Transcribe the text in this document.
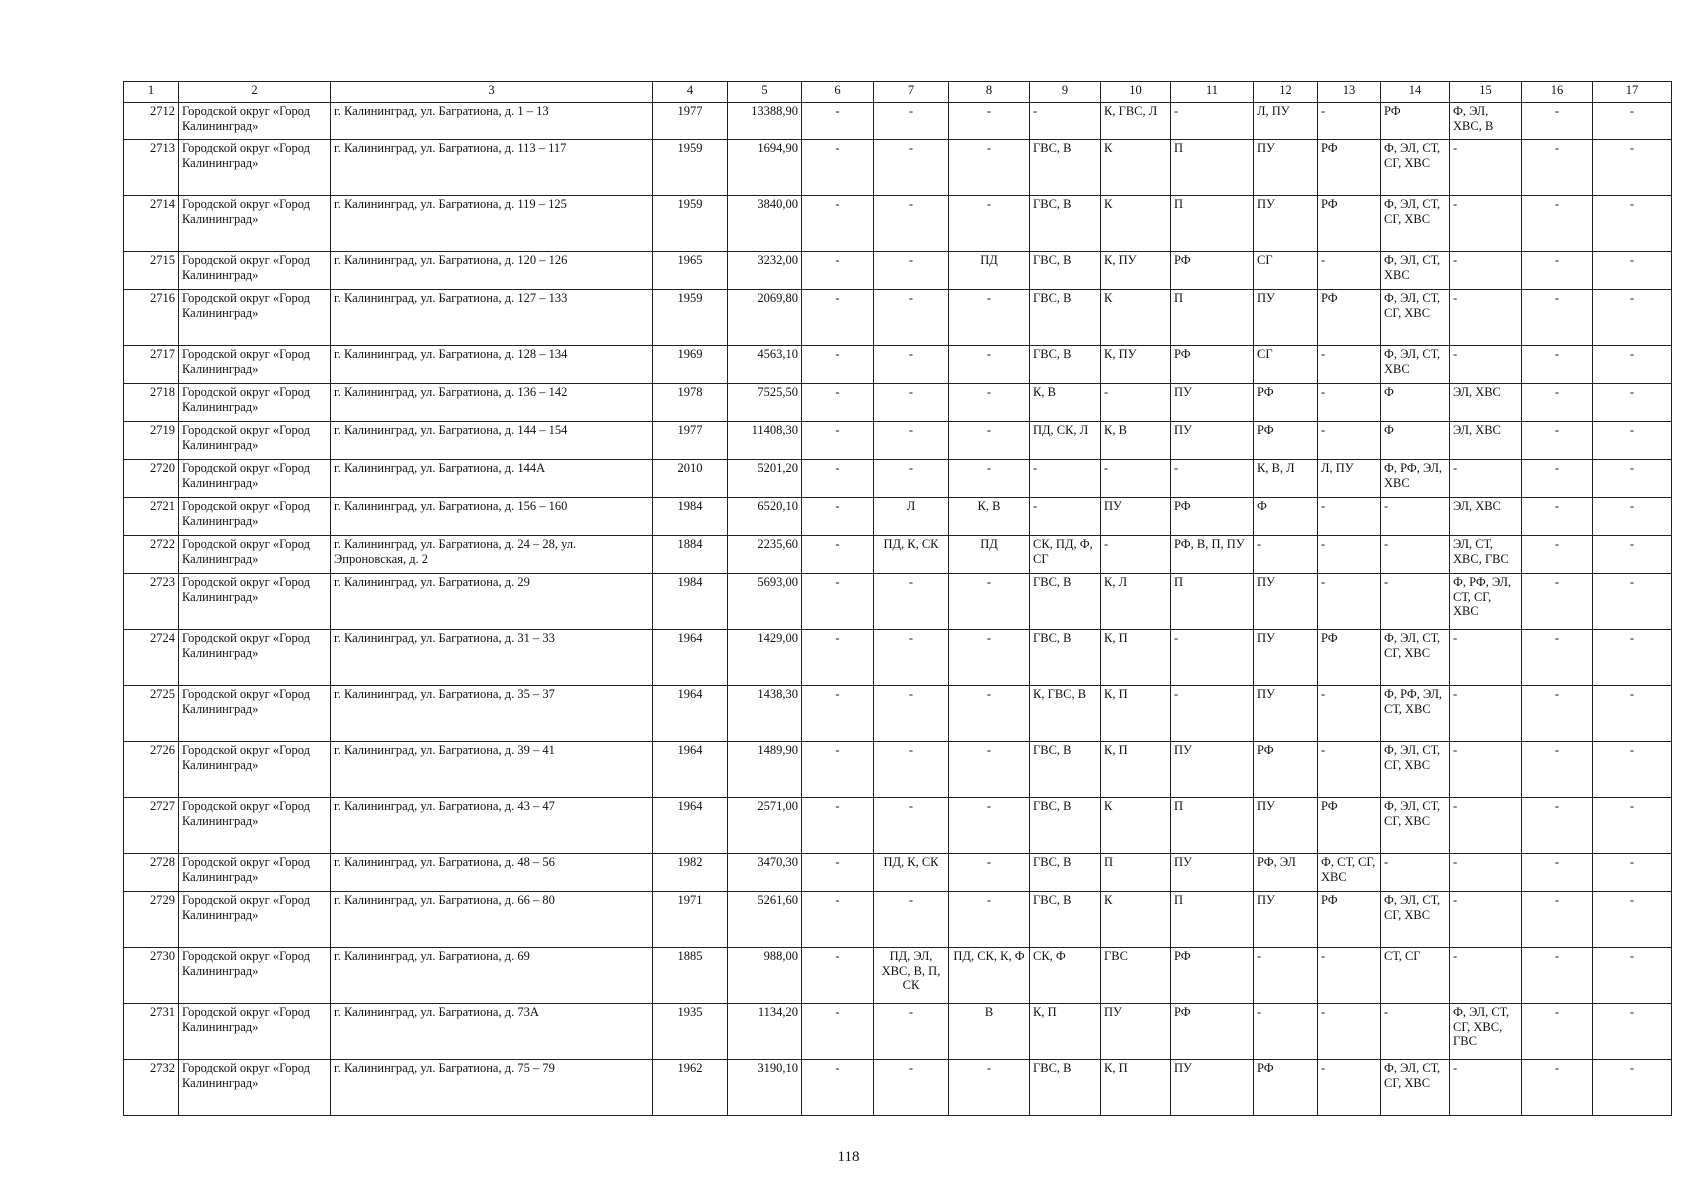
1	2	3	4	5	6	7	8	9	10	11	12	13	14	15	16	17
2712	Городской округ «Город Калининград»	г. Калининград, ул. Багратиона, д. 1 – 13	1977	13388,90	-	-	-	-	К, ГВС, Л	-	Л, ПУ	-	РФ	Ф, ЭЛ, ХВС, В	-	-
2713	Городской округ «Город Калининград»	г. Калининград, ул. Багратиона, д. 113 – 117	1959	1694,90	-	-	-	ГВС, В	К	П	ПУ	РФ	Ф, ЭЛ, СТ, СГ, ХВС	-	-	-
2714	Городской округ «Город Калининград»	г. Калининград, ул. Багратиона, д. 119 – 125	1959	3840,00	-	-	-	ГВС, В	К	П	ПУ	РФ	Ф, ЭЛ, СТ, СГ, ХВС	-	-	-
2715	Городской округ «Город Калининград»	г. Калининград, ул. Багратиона, д. 120 – 126	1965	3232,00	-	-	ПД	ГВС, В	К, ПУ	РФ	СГ	-	Ф, ЭЛ, СТ, ХВС	-	-	-
2716	Городской округ «Город Калининград»	г. Калининград, ул. Багратиона, д. 127 – 133	1959	2069,80	-	-	-	ГВС, В	К	П	ПУ	РФ	Ф, ЭЛ, СТ, СГ, ХВС	-	-	-
2717	Городской округ «Город Калининград»	г. Калининград, ул. Багратиона, д. 128 – 134	1969	4563,10	-	-	-	ГВС, В	К, ПУ	РФ	СГ	-	Ф, ЭЛ, СТ, ХВС	-	-	-
2718	Городской округ «Город Калининград»	г. Калининград, ул. Багратиона, д. 136 – 142	1978	7525,50	-	-	-	К, В	-	ПУ	РФ	-	Ф	ЭЛ, ХВС	-	-
2719	Городской округ «Город Калининград»	г. Калининград, ул. Багратиона, д. 144 – 154	1977	11408,30	-	-	-	ПД, СК, Л	К, В	ПУ	РФ	-	Ф	ЭЛ, ХВС	-	-
2720	Городской округ «Город Калининград»	г. Калининград, ул. Багратиона, д. 144А	2010	5201,20	-	-	-	-	-	-	К, В, Л	Л, ПУ	Ф, РФ, ЭЛ, ХВС	-	-	-
2721	Городской округ «Город Калининград»	г. Калининград, ул. Багратиона, д. 156 – 160	1984	6520,10	-	Л	К, В	-	ПУ	РФ	Ф	-	-	ЭЛ, ХВС	-	-
2722	Городской округ «Город Калининград»	г. Калининград, ул. Багратиона, д. 24 – 28, ул. Эпроновская, д. 2	1884	2235,60	-	ПД, К, СК	ПД	СК, ПД, Ф, СГ	-	РФ, В, П, ПУ	-	-	-	ЭЛ, СТ, ХВС, ГВС	-	-
2723	Городской округ «Город Калининград»	г. Калининград, ул. Багратиона, д. 29	1984	5693,00	-	-	-	ГВС, В	К, Л	П	ПУ	-	-	Ф, РФ, ЭЛ, СТ, СГ, ХВС	-	-
2724	Городской округ «Город Калининград»	г. Калининград, ул. Багратиона, д. 31 – 33	1964	1429,00	-	-	-	ГВС, В	К, П	-	ПУ	РФ	Ф, ЭЛ, СТ, СГ, ХВС	-	-	-
2725	Городской округ «Город Калининград»	г. Калининград, ул. Багратиона, д. 35 – 37	1964	1438,30	-	-	-	К, ГВС, В	К, П	-	ПУ	-	Ф, РФ, ЭЛ, СТ, ХВС	-	-	-
2726	Городской округ «Город Калининград»	г. Калининград, ул. Багратиона, д. 39 – 41	1964	1489,90	-	-	-	ГВС, В	К, П	ПУ	РФ	-	Ф, ЭЛ, СТ, СГ, ХВС	-	-	-
2727	Городской округ «Город Калининград»	г. Калининград, ул. Багратиона, д. 43 – 47	1964	2571,00	-	-	-	ГВС, В	К	П	ПУ	РФ	Ф, ЭЛ, СТ, СГ, ХВС	-	-	-
2728	Городской округ «Город Калининград»	г. Калининград, ул. Багратиона, д. 48 – 56	1982	3470,30	-	ПД, К, СК	-	ГВС, В	П	ПУ	РФ, ЭЛ	Ф, СТ, СГ, ХВС	-	-	-	-
2729	Городской округ «Город Калининград»	г. Калининград, ул. Багратиона, д. 66 – 80	1971	5261,60	-	-	-	ГВС, В	К	П	ПУ	РФ	Ф, ЭЛ, СТ, СГ, ХВС	-	-	-
2730	Городской округ «Город Калининград»	г. Калининград, ул. Багратиона, д. 69	1885	988,00	-	ПД, ЭЛ, ХВС, В, П, СК	ПД, СК, К, Ф	СК, Ф	ГВС	РФ	-	-	СТ, СГ	-	-	-
2731	Городской округ «Город Калининград»	г. Калининград, ул. Багратиона, д. 73А	1935	1134,20	-	-	В	К, П	ПУ	РФ	-	-	-	Ф, ЭЛ, СТ, СГ, ХВС, ГВС	-	-
2732	Городской округ «Город Калининград»	г. Калининград, ул. Багратиона, д. 75 – 79	1962	3190,10	-	-	-	ГВС, В	К, П	ПУ	РФ	-	Ф, ЭЛ, СТ, СГ, ХВС	-	-	-
118
